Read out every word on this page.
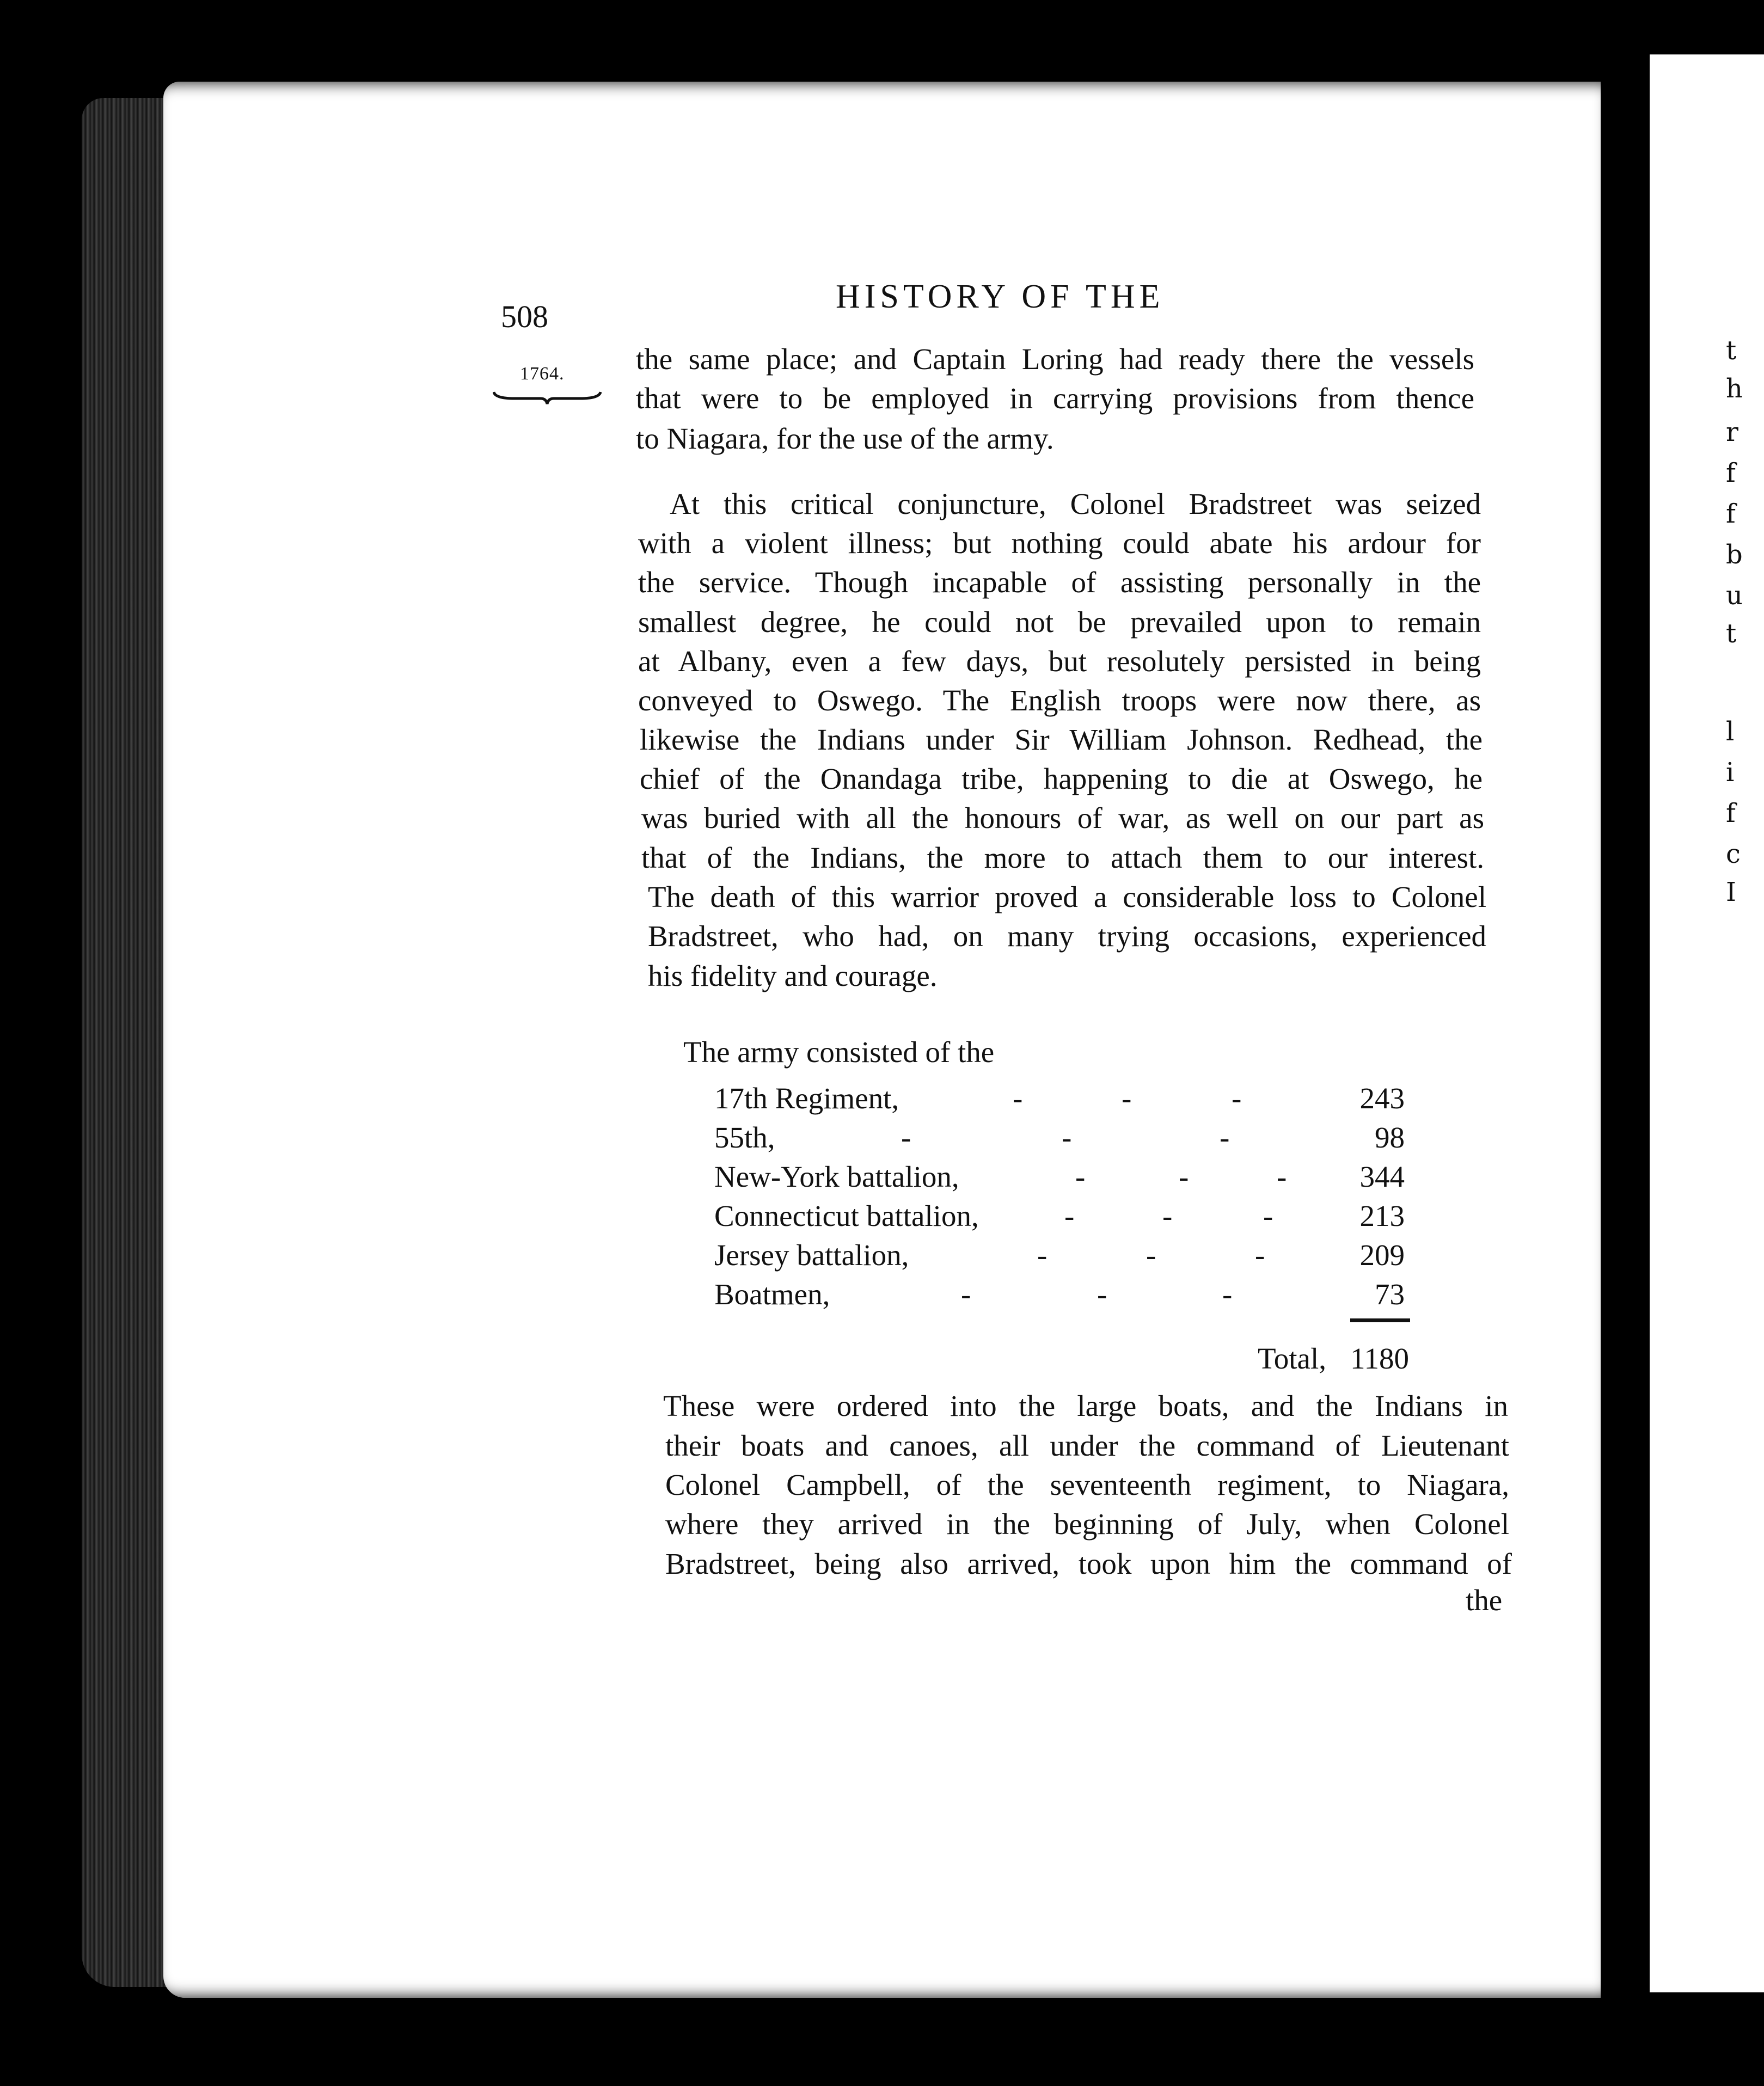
t
h
r
f
f
b
u
t
l
i
f
c
I
508
HISTORY OF THE
1764. the same place; and Captain Loring had ready there the vessels
that were to be employed in carrying provisions from thence
to Niagara, for the use of the army.
At this critical conjuncture, Colonel Bradstreet was seized
with a violent illness; but nothing could abate his ardour for
the service. Though incapable of assisting personally in the
smallest degree, he could not be prevailed upon to remain
at Albany, even a few days, but resolutely persisted in being
conveyed to Oswego. The English troops were now there, as
likewise the Indians under Sir William Johnson. Redhead, the
chief of the Onandaga tribe, happening to die at Oswego, he
was buried with all the honours of war, as well on our part as
that of the Indians, the more to attach them to our interest.
The death of this warrior proved a considerable loss to Colonel
Bradstreet, who had, on many trying occasions, experienced
his fidelity and courage.
The army consisted of the
17th Regiment,	-	-	-	243
55th,	-	-	-	98
New-York battalion,	-	-	-	344
Connecticut battalion,	-	-	-	213
Jersey battalion,	-	-	-	209
Boatmen,	-	-	-	73
Total, 1180
These were ordered into the large boats, and the Indians in
their boats and canoes, all under the command of Lieutenant
Colonel Campbell, of the seventeenth regiment, to Niagara,
where they arrived in the beginning of July, when Colonel
Bradstreet, being also arrived, took upon him the command of
the
